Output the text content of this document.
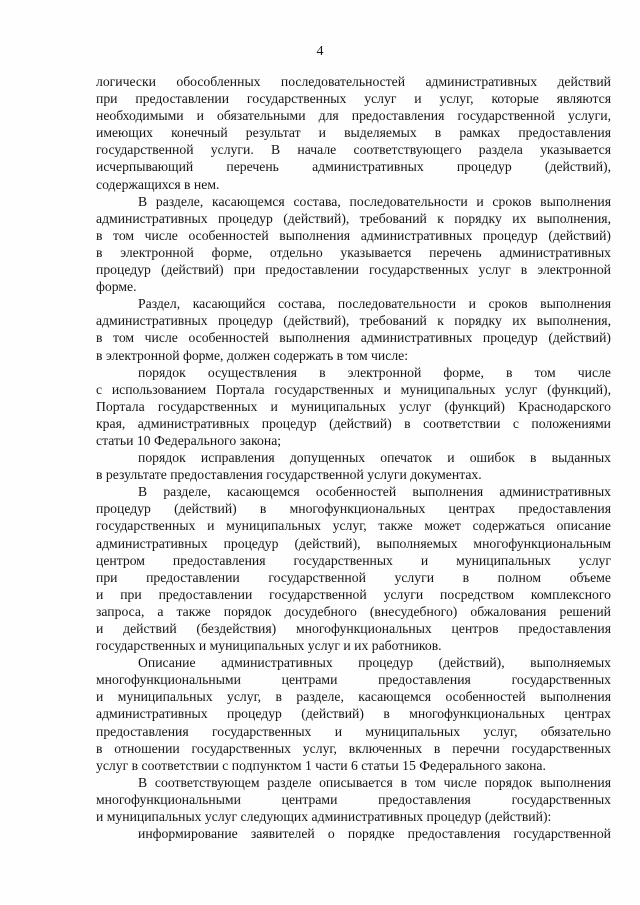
4

логически обособленных последовательностей административных действий
при предоставлении государственных услуг и услуг, которые являются
необходимыми и обязательными для предоставления государственной услуги,
имеющих конечный результат и выделяемых в рамках предоставления
государственной услуги. В начале соответствующего раздела указывается
исчерпывающий перечень административных процедур (действий),
содержащихся в нем.

В разделе, касающемся состава, последовательности и сроков выполнения
административных процедур (действий), требований к порядку их выполнения,
в том числе особенностей выполнения административных процедур (действий)
в электронной форме, отдельно указывается перечень административных
процедур (действий) при предоставлении государственных услуг в электронной
форме.

Раздел, касающийся состава, последовательности и сроков выполнения
административных процедур (действий), требований к порядку их выполнения,
в том числе особенностей выполнения административных процедур (действий)
в электронной форме, должен содержать в том числе:

порядок осуществления в электронной форме, в том числе
с использованием Портала государственных и муниципальных услуг (функций),
Портала государственных и муниципальных услуг (функций) Краснодарского
края, административных процедур (действий) в соответствии с положениями
статьи 10 Федерального закона;

порядок исправления допущенных опечаток и ошибок в выданных
в результате предоставления государственной услуги документах.

В разделе, касающемся особенностей выполнения административных
процедур (действий) в многофункциональных центрах предоставления
государственных и муниципальных услуг, также может содержаться описание
административных процедур (действий), выполняемых многофункциональным
центром предоставления государственных и муниципальных услуг
при предоставлении государственной услуги в полном объеме
и при предоставлении государственной услуги посредством комплексного
запроса, а также порядок досудебного (внесудебного) обжалования решений
и действий (бездействия) многофункциональных центров предоставления
государственных и муниципальных услуг и их работников.

Описание административных процедур (действий), выполняемых
многофункциональными центрами предоставления государственных
и муниципальных услуг, в разделе, касающемся особенностей выполнения
административных процедур (действий) в многофункциональных центрах
предоставления государственных и муниципальных услуг, обязательно
в отношении государственных услуг, включенных в перечни государственных
услуг в соответствии с подпунктом 1 части 6 статьи 15 Федерального закона.

В соответствующем разделе описывается в том числе порядок выполнения
многофункциональными центрами предоставления государственных
и муниципальных услуг следующих административных процедур (действий):

информирование заявителей о порядке предоставления государственной
